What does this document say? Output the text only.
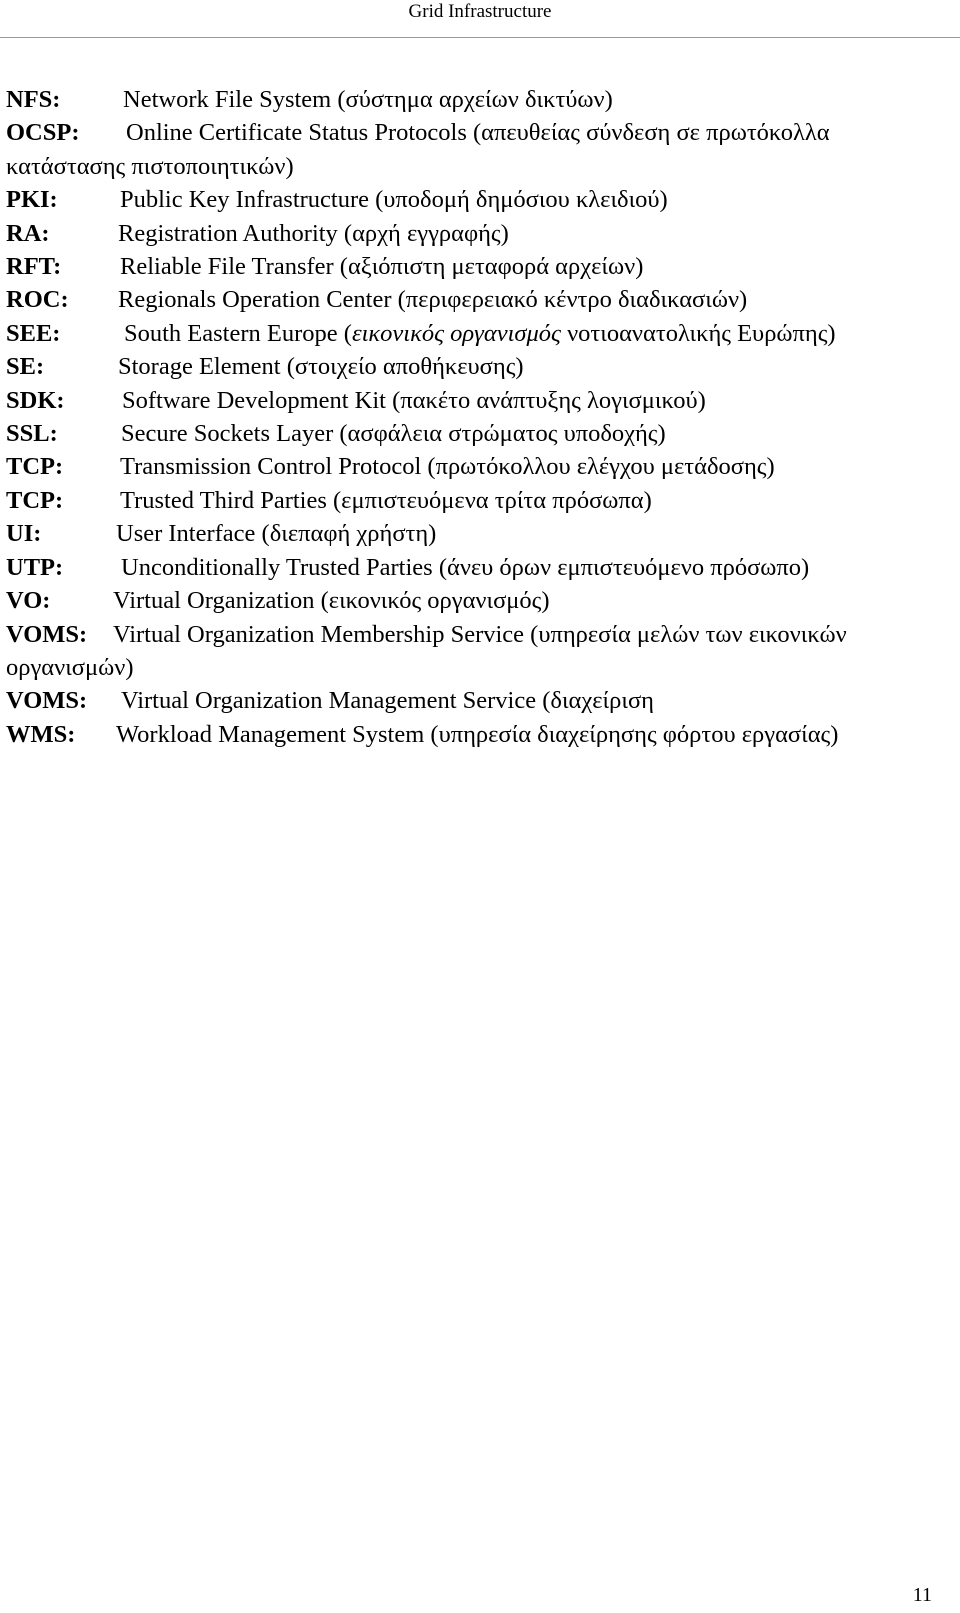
Grid Infrastructure
NFS:	Network File System (σύστημα αρχείων δικτύων)
OCSP: Online Certificate Status Protocols (απευθείας σύνδεση σε πρωτόκολλα κατάστασης πιστοποιητικών)
PKI:	Public Key Infrastructure (υποδομή δημόσιου κλειδιού)
RA:	Registration Authority (αρχή εγγραφής)
RFT: Reliable File Transfer (αξιόπιστη μεταφορά αρχείων)
ROC: Regionals Operation Center (περιφερειακό κέντρο διαδικασιών)
SEE:	South Eastern Europe (εικονικός οργανισμός νοτιοανατολικής Ευρώπης)
SE:	Storage Element (στοιχείο αποθήκευσης)
SDK: Software Development Kit (πακέτο ανάπτυξης λογισμικού)
SSL:	Secure Sockets Layer (ασφάλεια στρώματος υποδοχής)
TCP: Transmission Control Protocol (πρωτόκολλου ελέγχου μετάδοσης)
TCP: Trusted Third Parties (εμπιστευόμενα τρίτα πρόσωπα)
UI:	User Interface (διεπαφή χρήστη)
UTP: Unconditionally Trusted Parties (άνευ όρων εμπιστευόμενο πρόσωπο)
VO:	Virtual Organization (εικονικός οργανισμός)
VOMS: Virtual Organization Membership Service (υπηρεσία μελών των εικονικών οργανισμών)
VOMS: Virtual Organization Management Service (διαχείριση
WMS: Workload Management System (υπηρεσία διαχείρησης φόρτου εργασίας)
11
